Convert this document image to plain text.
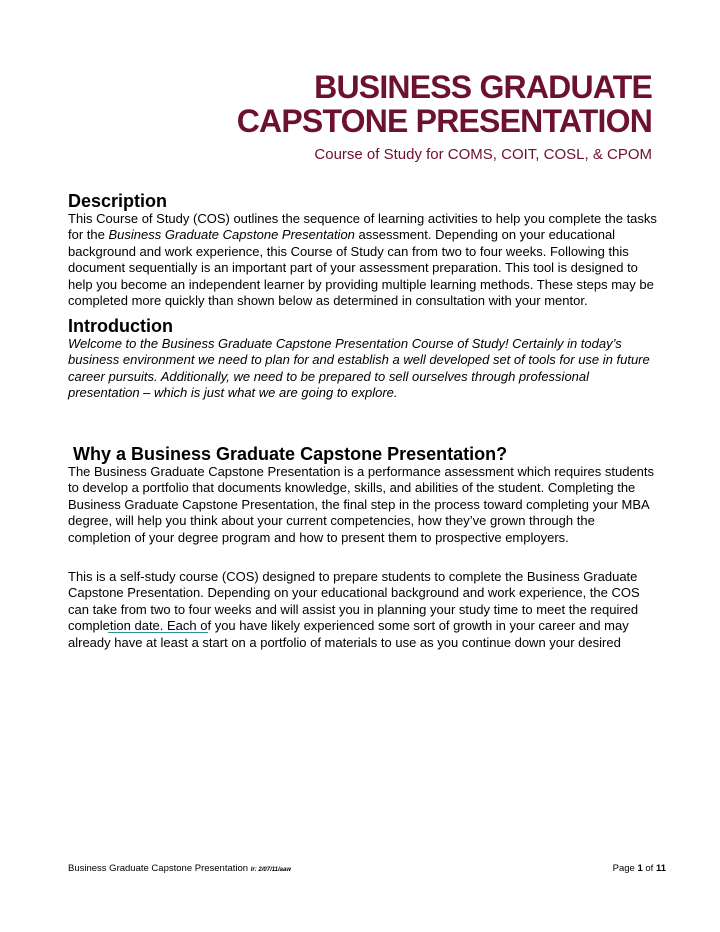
BUSINESS GRADUATE
CAPSTONE PRESENTATION
Course of Study for COMS, COIT, COSL, & CPOM
Description

This Course of Study (COS) outlines the sequence of learning activities to help you complete the tasks for the Business Graduate Capstone Presentation assessment. Depending on your educational background and work experience, this Course of Study can from two to four weeks. Following this document sequentially is an important part of your assessment preparation. This tool is designed to help you become an independent learner by providing multiple learning methods. These steps may be completed more quickly than shown below as determined in consultation with your mentor.

Introduction

Welcome to the Business Graduate Capstone Presentation Course of Study! Certainly in today’s business environment we need to plan for and establish a well developed set of tools for use in future career pursuits. Additionally, we need to be prepared to sell ourselves through professional presentation – which is just what we are going to explore.

Why a Business Graduate Capstone Presentation?

The Business Graduate Capstone Presentation is a performance assessment which requires students to develop a portfolio that documents knowledge, skills, and abilities of the student. Completing the Business Graduate Capstone Presentation, the final step in the process toward completing your MBA degree, will help you think about your current competencies, how they’ve grown through the completion of your degree program and how to present them to prospective employers.

This is a self-study course (COS) designed to prepare students to complete the Business Graduate Capstone Presentation. Depending on your educational background and work experience, the COS can take from two to four weeks and will assist you in planning your study time to meet the required completion date. Each of you have likely experienced some sort of growth in your career and may already have at least a start on a portfolio of materials to use as you continue down your desired

Business Graduate Capstone Presentation lr: 2/07/11/aaw	Page 1 of 11
